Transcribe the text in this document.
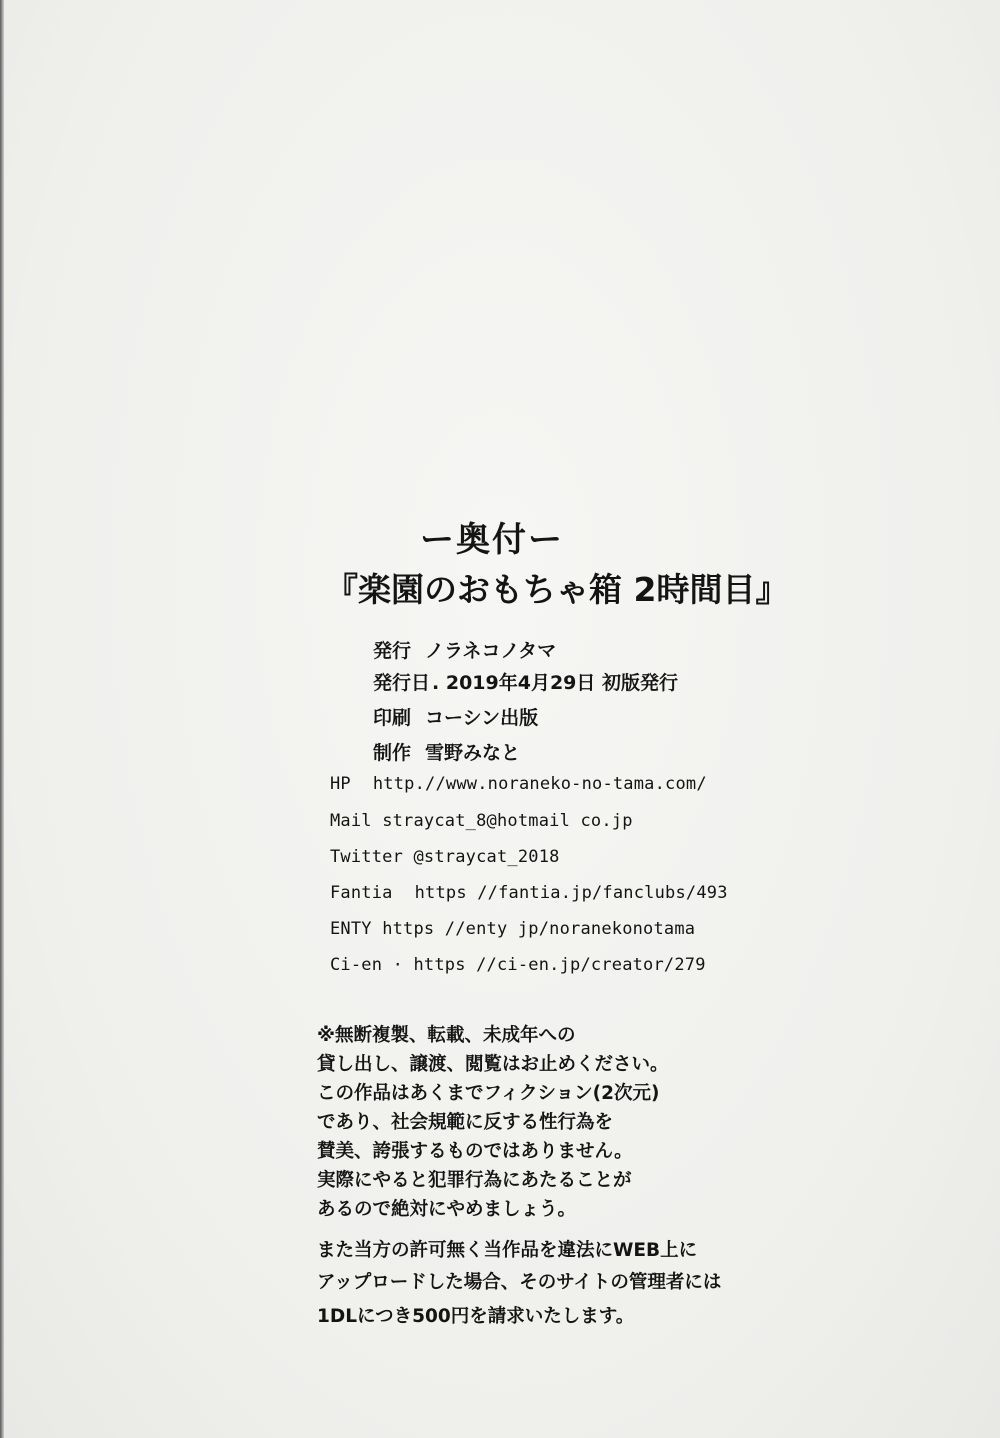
ー奥付ー
『楽園のおもちゃ箱 2時間目』
発行 ノラネコノタマ
発行日 . 2019年4月29日 初版発行
印刷 コーシン出版
制作 雪野みなと
HP http.//www.noraneko-no-tama.com/
Mail straycat_8@hotmail co.jp
Twitter @straycat_2018
Fantia https //fantia.jp/fanclubs/493
ENTY https //enty jp/noranekonotama
Ci-en · https //ci-en.jp/creator/279
※無断複製、転載、未成年への
貸し出し、譲渡、閲覧はお止めください。
この作品はあくまでフィクション(2次元)
であり、社会規範に反する性行為を
賛美、誇張するものではありません。
実際にやると犯罪行為にあたることが
あるので絶対にやめましょう。
また当方の許可無く当作品を違法にWEB上に
アップロードした場合、そのサイトの管理者には
1DLにつき500円を請求いたします。
